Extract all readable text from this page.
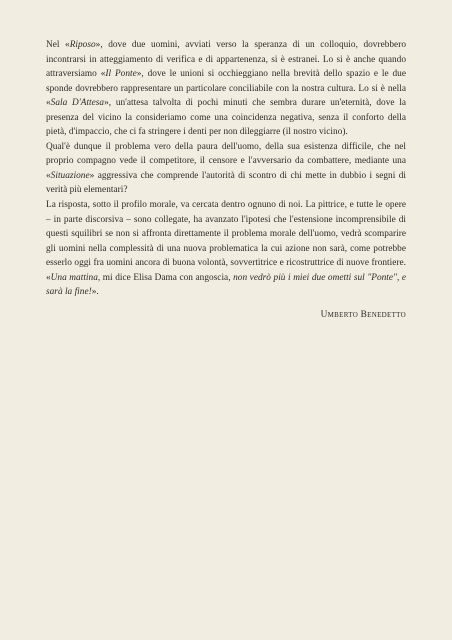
Nel «Riposo», dove due uomini, avviati verso la speranza di un colloquio, dovrebbero incontrarsi in atteggiamento di verifica e di appartenenza, si è estranei. Lo si è anche quando attraversiamo «Il Ponte», dove le unioni si occhieggiano nella brevità dello spazio e le due sponde dovrebbero rappresentare un particolare conciliabile con la nostra cultura. Lo si è nella «Sala D'Attesa», un'attesa talvolta di pochi minuti che sembra durare un'eternità, dove la presenza del vicino la consideriamo come una coincidenza negativa, senza il conforto della pietà, d'impaccio, che ci fa stringere i denti per non dileggiarre (il nostro vicino).

Qual'è dunque il problema vero della paura dell'uomo, della sua esistenza difficile, che nel proprio compagno vede il competitore, il censore e l'avversario da combattere, mediante una «Situazione» aggressiva che comprende l'autorità di scontro di chi mette in dubbio i segni di verità più elementari?

La risposta, sotto il profilo morale, va cercata dentro ognuno di noi. La pittrice, e tutte le opere – in parte discorsiva – sono collegate, ha avanzato l'ipotesi che l'estensione incomprensibile di questi squilibri se non si affronta direttamente il problema morale dell'uomo, vedrà scomparire gli uomini nella complessità di una nuova problematica la cui azione non sarà, come potrebbe esserlo oggi fra uomini ancora di buona volontà, sovvertitrice e ricostruttrice di nuove frontiere. «Una mattina, mi dice Elisa Dama con angoscia, non vedrò più i miei due ometti sul "Ponte", e sarà la fine!».

Umberto Benedetto
